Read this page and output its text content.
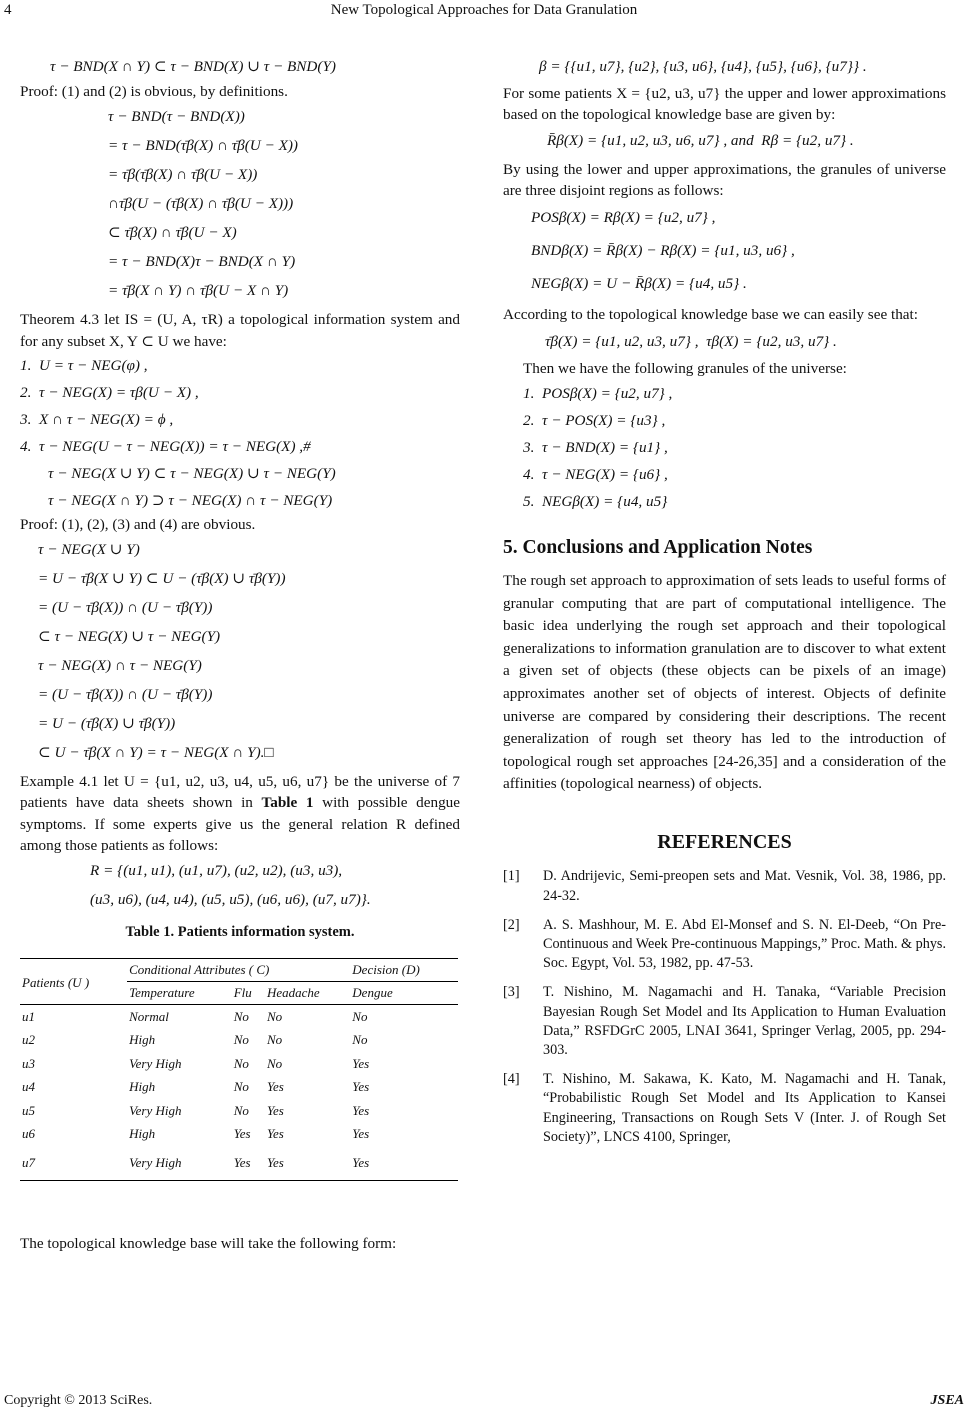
4	New Topological Approaches for Data Granulation
τ − BND(X ∩ Y) ⊂ τ − BND(X) ∪ τ − BND(Y)

Proof: (1) and (2) is obvious, by definitions.

τ − BND(τ − BND(X))
= τ − BND(τ̄β(X) ∩ τ̄β(U − X))
= τ̄β(τ̄β(X) ∩ τ̄β(U − X))
∩τ̄β(U − (τ̄β(X) ∩ τ̄β(U − X)))
⊂ τ̄β(X) ∩ τ̄β(U − X)
= τ − BND(X)τ − BND(X ∩ Y)
= τ̄β(X ∩ Y) ∩ τ̄β(U − X ∩ Y)

Theorem 4.3 let IS = (U, A, τR) a topological information system and for any subset X, Y ⊂ U we have:

1.  U = τ − NEG(φ) ,
2.  τ − NEG(X) = τβ(U − X) ,
3.  X ∩ τ − NEG(X) = ϕ ,
4.  τ − NEG(U − τ − NEG(X)) = τ − NEG(X) ,#
τ − NEG(X ∪ Y) ⊂ τ − NEG(X) ∪ τ − NEG(Y)
τ − NEG(X ∩ Y) ⊃ τ − NEG(X) ∩ τ − NEG(Y)

Proof: (1), (2), (3) and (4) are obvious.

τ − NEG(X ∪ Y)
= U − τ̄β(X ∪ Y) ⊂ U − (τ̄β(X) ∪ τ̄β(Y))
= (U − τ̄β(X)) ∩ (U − τ̄β(Y))
⊂ τ − NEG(X) ∪ τ − NEG(Y)
τ − NEG(X) ∩ τ − NEG(Y)
= (U − τ̄β(X)) ∩ (U − τ̄β(Y))
= U − (τ̄β(X) ∪ τ̄β(Y))
⊂ U − τ̄β(X ∩ Y) = τ − NEG(X ∩ Y).□

Example 4.1 let U = {u1, u2, u3, u4, u5, u6, u7} be the universe of 7 patients have data sheets shown in Table 1 with possible dengue symptoms. If some experts give us the general relation R defined among those patients as follows:

R = {(u1, u1), (u1, u7), (u2, u2), (u3, u3),
(u3, u6), (u4, u4), (u5, u5), (u6, u6), (u7, u7)}.
Table 1. Patients information system.
Patients (U )	Conditional Attributes ( C)			Decision (D)
	Temperature	Flu	Headache	Dengue
u1	Normal	No	No	No
u2	High	No	No	No
u3	Very High	No	No	Yes
u4	High	No	Yes	Yes
u5	Very High	No	Yes	Yes
u6	High	Yes	Yes	Yes
u7	Very High	Yes	Yes	Yes

The topological knowledge base will take the following form:

β = {{u1, u7}, {u2}, {u3, u6}, {u4}, {u5}, {u6}, {u7}} .

For some patients X = {u2, u3, u7} the upper and lower approximations based on the topological knowledge base are given by:

R̄β(X) = {u1, u2, u3, u6, u7} , and  Rβ = {u2, u7} .

By using the lower and upper approximations, the granules of universe are three disjoint regions as follows:

POSβ(X) = Rβ(X) = {u2, u7} ,
BNDβ(X) = R̄β(X) − Rβ(X) = {u1, u3, u6} ,
NEGβ(X) = U − R̄β(X) = {u4, u5} .

According to the topological knowledge base we can easily see that:

τ̄β(X) = {u1, u2, u3, u7} ,  τβ(X) = {u2, u3, u7} .

Then we have the following granules of the universe:

1.  POSβ(X) = {u2, u7} ,
2.  τ − POS(X) = {u3} ,
3.  τ − BND(X) = {u1} ,
4.  τ − NEG(X) = {u6} ,
5.  NEGβ(X) = {u4, u5}
5. Conclusions and Application Notes

The rough set approach to approximation of sets leads to useful forms of granular computing that are part of computational intelligence. The basic idea underlying the rough set approach and their topological generalizations to information granulation are to discover to what extent a given set of objects (these objects can be pixels of an image) approximates another set of objects of interest. Objects of definite universe are compared by considering their descriptions. The recent generalization of rough set theory has led to the introduction of topological rough set approaches [24-26,35] and a consideration of the affinities (topological nearness) of objects.

REFERENCES
[1]	D. Andrijevic, Semi-preopen sets and Mat. Vesnik, Vol. 38, 1986, pp. 24-32.
[2]	A. S. Mashhour, M. E. Abd El-Monsef and S. N. El-Deeb, “On Pre-Continuous and Week Pre-continuous Mappings,” Proc. Math. & phys. Soc. Egypt, Vol. 53, 1982, pp. 47-53.
[3]	T. Nishino, M. Nagamachi and H. Tanaka, “Variable Precision Bayesian Rough Set Model and Its Application to Human Evaluation Data,” RSFDGrC 2005, LNAI 3641, Springer Verlag, 2005, pp. 294-303.
[4]	T. Nishino, M. Sakawa, K. Kato, M. Nagamachi and H. Tanak, “Probabilistic Rough Set Model and Its Application to Kansei Engineering, Transactions on Rough Sets V (Inter. J. of Rough Set Society)”, LNCS 4100, Springer,
Copyright © 2013 SciRes.	JSEA
